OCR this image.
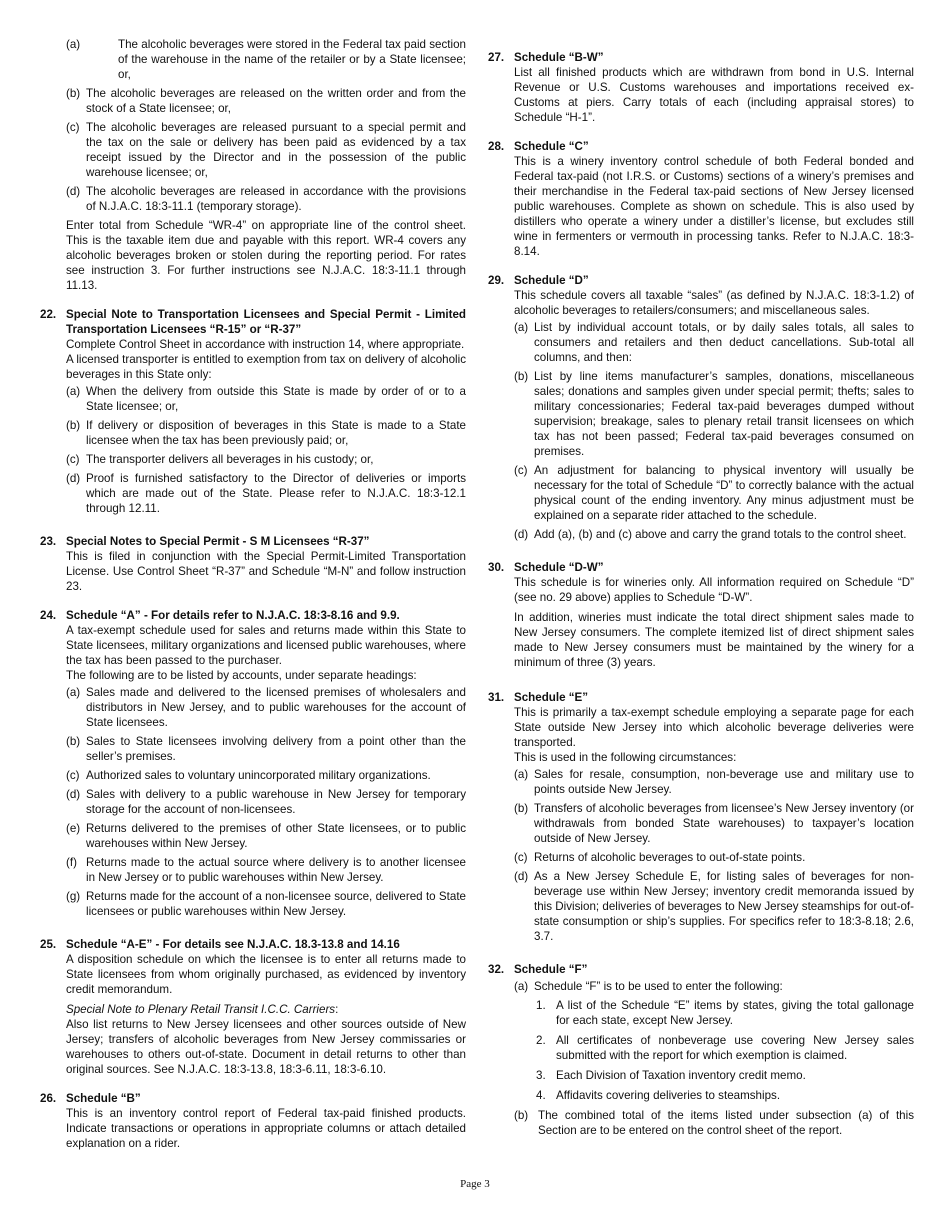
(a)	The alcoholic beverages were stored in the Federal tax paid section of the warehouse in the name of the retailer or by a State licensee; or,
(b) The alcoholic beverages are released on the written order and from the stock of a State licensee; or,
(c) The alcoholic beverages are released pursuant to a special permit and the tax on the sale or delivery has been paid as evidenced by a tax receipt issued by the Director and in the possession of the public warehouse licensee; or,
(d) The alcoholic beverages are released in accordance with the provisions of N.J.A.C. 18:3-11.1 (temporary storage).

Enter total from Schedule “WR-4” on appropriate line of the control sheet. This is the taxable item due and payable with this report. WR-4 covers any alcoholic beverages broken or stolen during the reporting period. For rates see instruction 3. For further instructions see N.J.A.C. 18:3-11.1 through 11.13.

22. Special Note to Transportation Licensees and Special Permit - Limited Transportation Licensees “R-15” or “R-37”

Complete Control Sheet in accordance with instruction 14, where appropriate.

A licensed transporter is entitled to exemption from tax on delivery of alcoholic beverages in this State only:

(a) When the delivery from outside this State is made by order of or to a State licensee; or,
(b) If delivery or disposition of beverages in this State is made to a State licensee when the tax has been previously paid; or,
(c) The transporter delivers all beverages in his custody; or,
(d) Proof is furnished satisfactory to the Director of deliveries or imports which are made out of the State. Please refer to N.J.A.C. 18:3-12.1 through 12.11.
23. Special Notes to Special Permit - S M Licensees “R-37”

This is filed in conjunction with the Special Permit-Limited Transportation License. Use Control Sheet “R-37” and Schedule “M-N” and follow instruction 23.

24. Schedule “A” - For details refer to N.J.A.C. 18:3-8.16 and 9.9.

A tax-exempt schedule used for sales and returns made within this State to State licensees, military organizations and licensed public warehouses, where the tax has been passed to the purchaser.

The following are to be listed by accounts, under separate headings:

(a) Sales made and delivered to the licensed premises of wholesalers and distributors in New Jersey, and to public warehouses for the account of State licensees.
(b) Sales to State licensees involving delivery from a point other than the seller’s premises.
(c) Authorized sales to voluntary unincorporated military organizations.
(d) Sales with delivery to a public warehouse in New Jersey for temporary storage for the account of non-licensees.
(e) Returns delivered to the premises of other State licensees, or to public warehouses within New Jersey.
(f) Returns made to the actual source where delivery is to another licensee in New Jersey or to public warehouses within New Jersey.
(g) Returns made for the account of a non-licensee source, delivered to State licensees or public warehouses within New Jersey.
25. Schedule “A-E” - For details see N.J.A.C. 18.3-13.8 and 14.16

A disposition schedule on which the licensee is to enter all returns made to State licensees from whom originally purchased, as evidenced by inventory credit memorandum.

Special Note to Plenary Retail Transit I.C.C. Carriers:

Also list returns to New Jersey licensees and other sources outside of New Jersey; transfers of alcoholic beverages from New Jersey commissaries or warehouses to others out-of-state. Document in detail returns to other than original sources. See N.J.A.C. 18:3-13.8, 18:3-6.11, 18:3-6.10.

26. Schedule “B”

This is an inventory control report of Federal tax-paid finished products. Indicate transactions or operations in appropriate columns or attach detailed explanation on a rider.

27. Schedule “B-W”

List all finished products which are withdrawn from bond in U.S. Internal Revenue or U.S. Customs warehouses and importations received ex-Customs at piers. Carry totals of each (including appraisal stores) to Schedule “H-1”.

28. Schedule “C”

This is a winery inventory control schedule of both Federal bonded and Federal tax-paid (not I.R.S. or Customs) sections of a winery’s premises and their merchandise in the Federal tax-paid sections of New Jersey licensed public warehouses. Complete as shown on schedule. This is also used by distillers who operate a winery under a distiller’s license, but excludes still wine in fermenters or vermouth in processing tanks. Refer to N.J.A.C. 18:3-8.14.

29. Schedule “D”

This schedule covers all taxable “sales” (as defined by N.J.A.C. 18:3-1.2) of alcoholic beverages to retailers/consumers; and miscellaneous sales.

(a) List by individual account totals, or by daily sales totals, all sales to consumers and retailers and then deduct cancellations. Sub-total all columns, and then:
(b) List by line items manufacturer’s samples, donations, miscellaneous sales; donations and samples given under special permit; thefts; sales to military concessionaries; Federal tax-paid beverages dumped without supervision; breakage, sales to plenary retail transit licensees on which tax has not been passed; Federal tax-paid beverages consumed on premises.
(c) An adjustment for balancing to physical inventory will usually be necessary for the total of Schedule “D” to correctly balance with the actual physical count of the ending inventory. Any minus adjustment must be explained on a separate rider attached to the schedule.
(d) Add (a), (b) and (c) above and carry the grand totals to the control sheet.
30. Schedule “D-W”

This schedule is for wineries only. All information required on Schedule “D” (see no. 29 above) applies to Schedule “D-W”.

In addition, wineries must indicate the total direct shipment sales made to New Jersey consumers. The complete itemized list of direct shipment sales made to New Jersey consumers must be maintained by the winery for a minimum of three (3) years.

31. Schedule “E”

This is primarily a tax-exempt schedule employing a separate page for each State outside New Jersey into which alcoholic beverage deliveries were transported.

This is used in the following circumstances:

(a) Sales for resale, consumption, non-beverage use and military use to points outside New Jersey.
(b) Transfers of alcoholic beverages from licensee’s New Jersey inventory (or withdrawals from bonded State warehouses) to taxpayer’s location outside of New Jersey.
(c) Returns of alcoholic beverages to out-of-state points.
(d) As a New Jersey Schedule E, for listing sales of beverages for non-beverage use within New Jersey; inventory credit memoranda issued by this Division; deliveries of beverages to New Jersey steamships for out-of-state consumption or ship’s supplies. For specifics refer to 18:3-8.18; 2.6, 3.7.
32. Schedule “F”
(a) Schedule “F” is to be used to enter the following:
1. A list of the Schedule “E” items by states, giving the total gallonage for each state, except New Jersey.
2. All certificates of nonbeverage use covering New Jersey sales submitted with the report for which exemption is claimed.
3. Each Division of Taxation inventory credit memo.
4. Affidavits covering deliveries to steamships.
(b) The combined total of the items listed under subsection (a) of this Section are to be entered on the control sheet of the report.
Page 3
